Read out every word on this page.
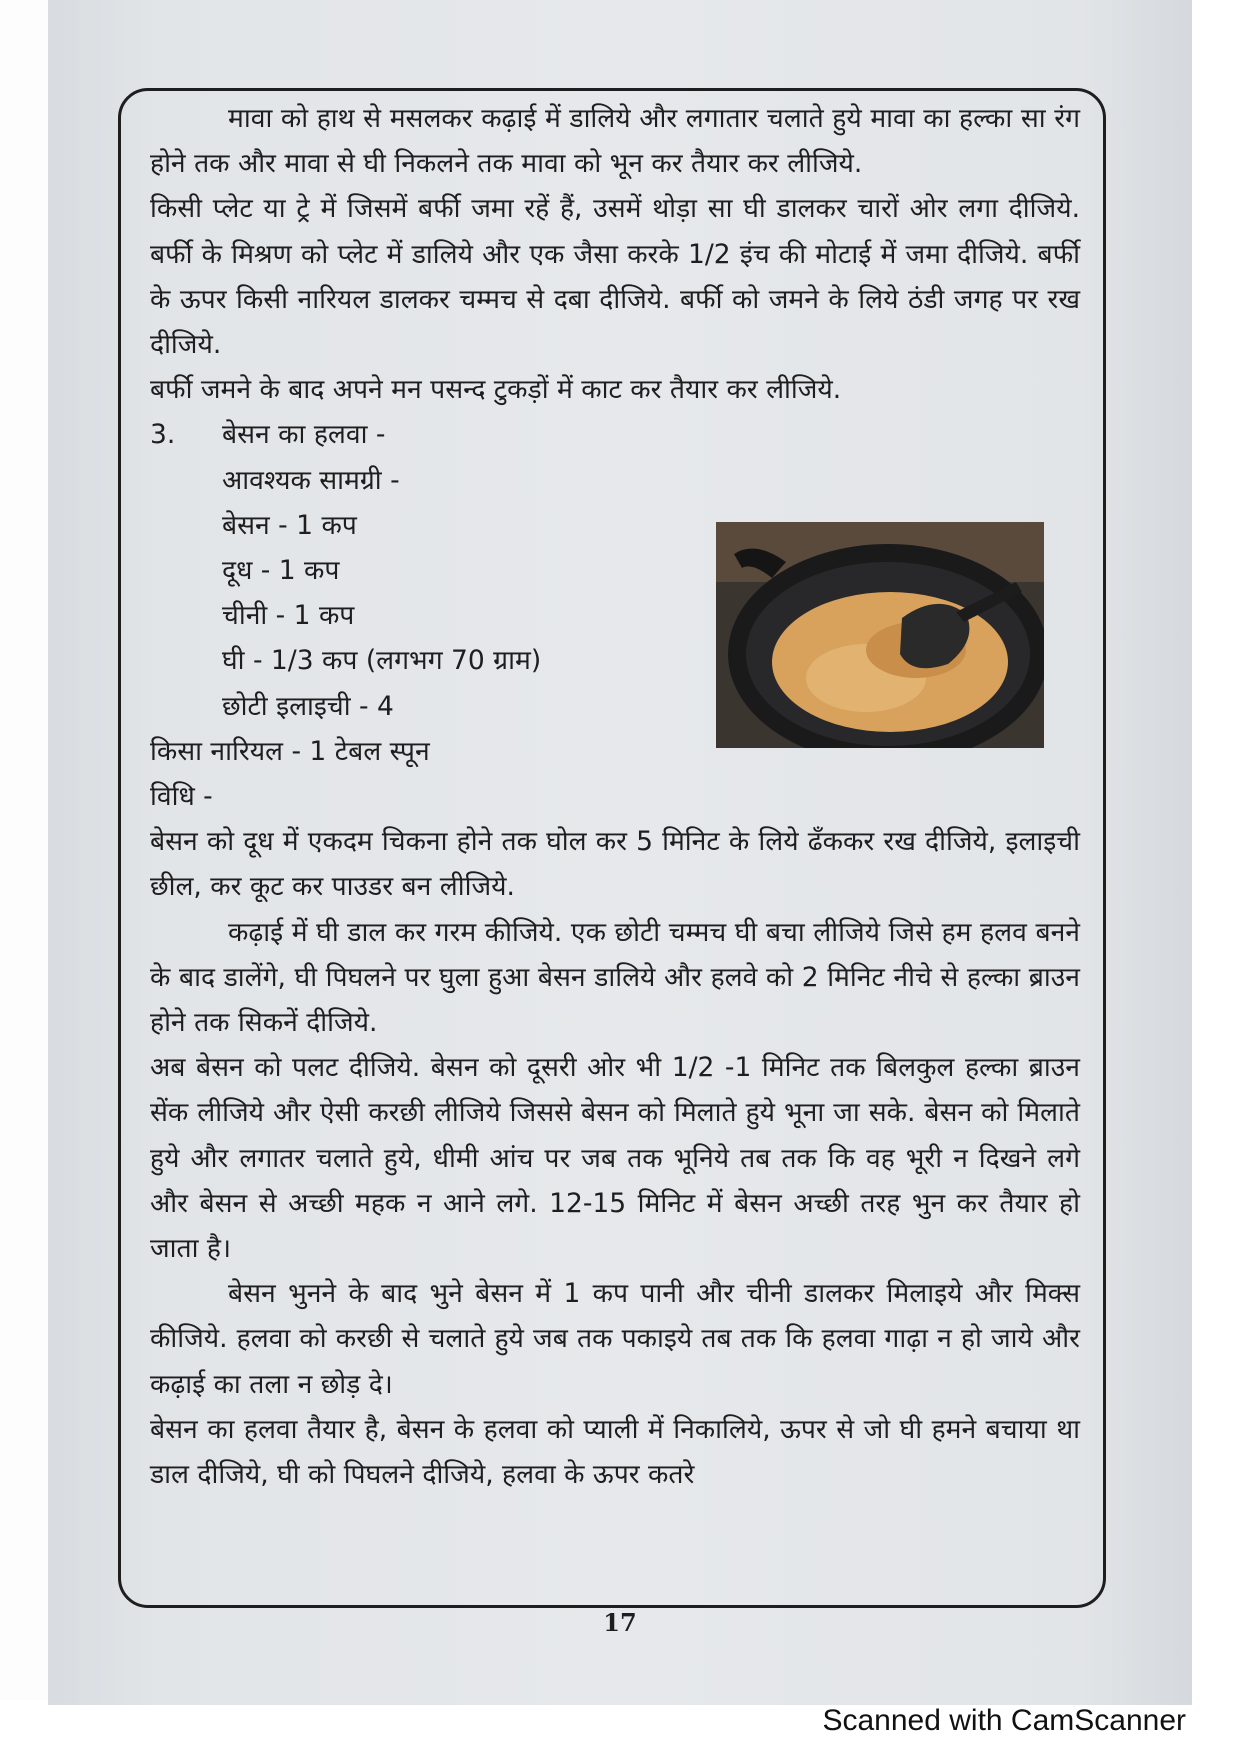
मावा को हाथ से मसलकर कढ़ाई में डालिये और लगातार चलाते हुये मावा का हल्का सा रंग होने तक और मावा से घी निकलने तक मावा को भून कर तैयार कर लीजिये.

किसी प्लेट या ट्रे में जिसमें बर्फी जमा रहें हैं, उसमें थोड़ा सा घी डालकर चारों ओर लगा दीजिये. बर्फी के मिश्रण को प्लेट में डालिये और एक जैसा करके 1/2 इंच की मोटाई में जमा दीजिये. बर्फी के ऊपर किसी नारियल डालकर चम्मच से दबा दीजिये. बर्फी को जमने के लिये ठंडी जगह पर रख दीजिये.

बर्फी जमने के बाद अपने मन पसन्द टुकड़ों में काट कर तैयार कर लीजिये.

3.	बेसन का हलवा -

आवश्यक सामग्री -

बेसन - 1 कप

दूध - 1 कप

चीनी - 1 कप

घी - 1/3 कप (लगभग 70 ग्राम)

छोटी इलाइची - 4

किसा नारियल - 1 टेबल स्पून

विधि -

बेसन को दूध में एकदम चिकना होने तक घोल कर 5 मिनिट के लिये ढँककर रख दीजिये, इलाइची छील, कर कूट कर पाउडर बन लीजिये.

कढ़ाई में घी डाल कर गरम कीजिये. एक छोटी चम्मच घी बचा लीजिये जिसे हम हलव बनने के बाद डालेंगे, घी पिघलने पर घुला हुआ बेसन डालिये और हलवे को 2 मिनिट नीचे से हल्का ब्राउन होने तक सिकनें दीजिये.

अब बेसन को पलट दीजिये. बेसन को दूसरी ओर भी 1/2 -1 मिनिट तक बिलकुल हल्का ब्राउन सेंक लीजिये और ऐसी करछी लीजिये जिससे बेसन को मिलाते हुये भूना जा सके. बेसन को मिलाते हुये और लगातर चलाते हुये, धीमी आंच पर जब तक भूनिये तब तक कि वह भूरी न दिखने लगे और बेसन से अच्छी महक न आने लगे. 12-15 मिनिट में बेसन अच्छी तरह भुन कर तैयार हो जाता है।

बेसन भुनने के बाद भुने बेसन में 1 कप पानी और चीनी डालकर मिलाइये और मिक्स कीजिये. हलवा को करछी से चलाते हुये जब तक पकाइये तब तक कि हलवा गाढ़ा न हो जाये और कढ़ाई का तला न छोड़ दे।

बेसन का हलवा तैयार है, बेसन के हलवा को प्याली में निकालिये, ऊपर से जो घी हमने बचाया था डाल दीजिये, घी को पिघलने दीजिये, हलवा के ऊपर कतरे

17
Scanned with CamScanner
